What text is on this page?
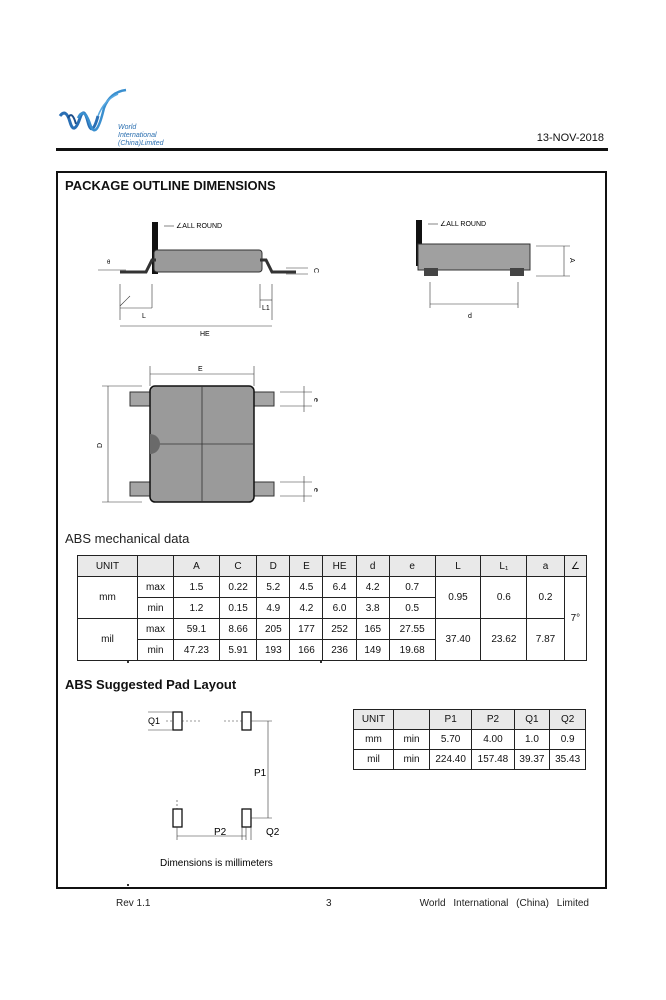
World
International
(China)Limited	13-NOV-2018
PACKAGE OUTLINE DIMENSIONS
∠ALL ROUND
θ
C
L
L1
HE
∠ALL ROUND
A
d
E
D
e
e
ABS mechanical data
UNIT		A	C	D	E	HE	d	e	L	L₁	a	∠
mm	max	1.5	0.22	5.2	4.5	6.4	4.2	0.7	0.95	0.6	0.2	7°
	min	1.2	0.15	4.9	4.2	6.0	3.8	0.5				
mil	max	59.1	8.66	205	177	252	165	27.55	37.40	23.62	7.87	
	min	47.23	5.91	193	166	236	149	19.68				
ABS Suggested Pad Layout
Q1
P1
P2	Q2
Dimensions is millimeters
UNIT		P1	P2	Q1	Q2
mm	min	5.70	4.00	1.0	0.9
mil	min	224.40	157.48	39.37	35.43
Rev 1.1	3	World International (China) Limited
